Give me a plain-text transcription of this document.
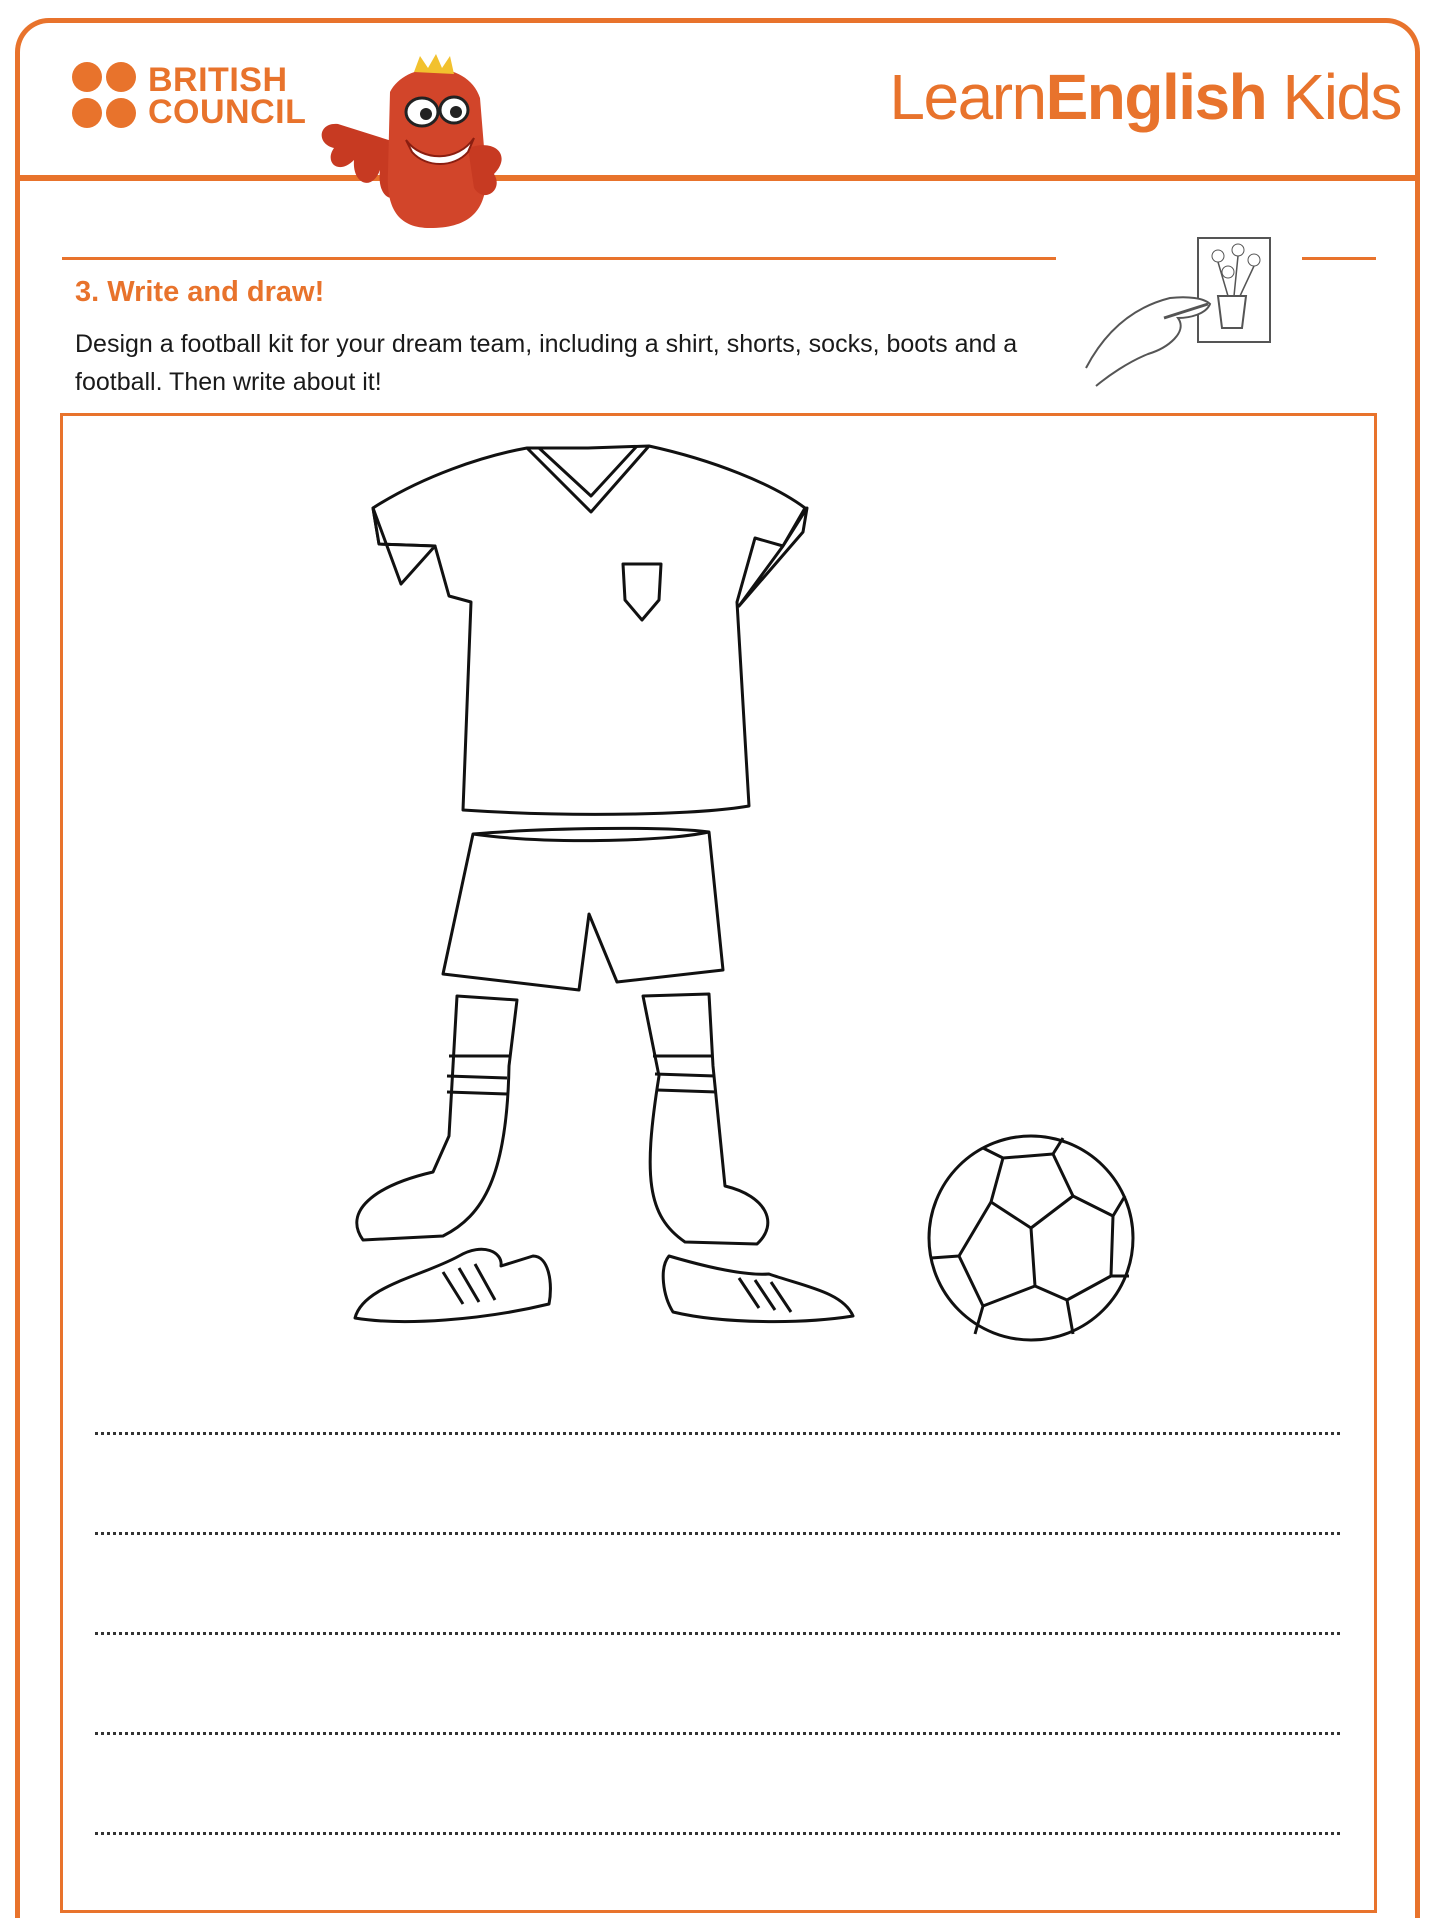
BRITISH
COUNCIL	LearnEnglish Kids
3. Write and draw!
Design a football kit for your dream team, including a shirt, shorts, socks, boots and a football. Then write about it!
